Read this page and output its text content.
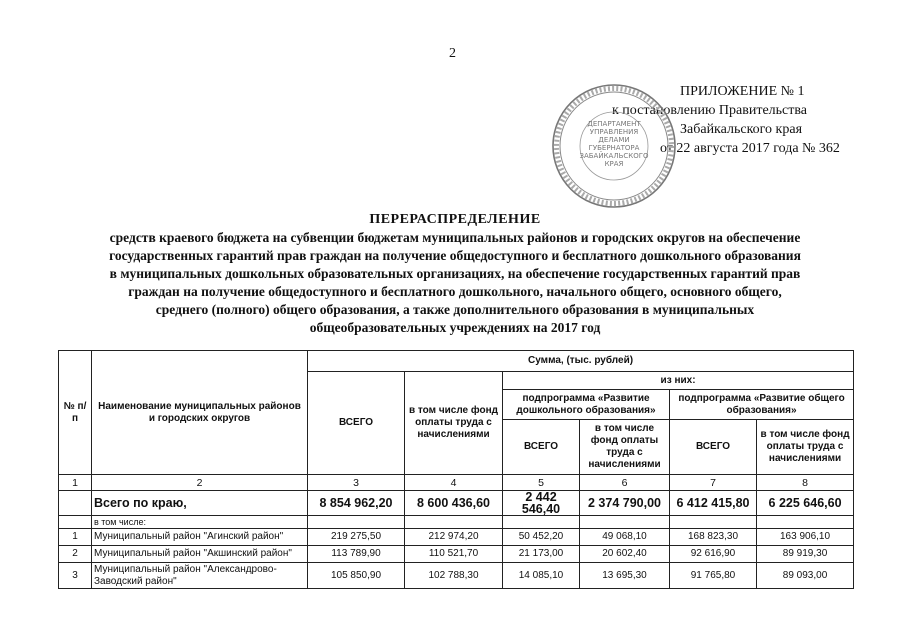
2
ПРИЛОЖЕНИЕ № 1
к постановлению Правительства
Забайкальского края
от 22 августа 2017 года № 362
ДЕПАРТАМЕНТ
УПРАВЛЕНИЯ
ДЕЛАМИ
ГУБЕРНАТОРА
ЗАБАЙКАЛЬСКОГО
КРАЯ
ПЕРЕРАСПРЕДЕЛЕНИЕ
средств краевого бюджета на субвенции бюджетам муниципальных районов и городских округов на обеспечение
государственных гарантий прав граждан на получение общедоступного и бесплатного дошкольного образования
в муниципальных дошкольных образовательных организациях, на обеспечение государственных гарантий прав
граждан на получение общедоступного и бесплатного дошкольного, начального общего, основного общего,
среднего (полного) общего образования, а также дополнительного образования в муниципальных
общеобразовательных учреждениях на 2017 год
№ п/п	Наименование муниципальных районов и городских округов	Сумма, (тыс. рублей)					
		ВСЕГО	в том числе фонд оплаты труда с начислениями	из них:			
				подпрограмма «Развитие дошкольного образования»		подпрограмма «Развитие общего образования»	
				ВСЕГО	в том числе фонд оплаты труда с начислениями	ВСЕГО	в том числе фонд оплаты труда с начислениями
1	2	3	4	5	6	7	8
	Всего по краю,	8 854 962,20	8 600 436,60	2 442 546,40	2 374 790,00	6 412 415,80	6 225 646,60
	в том числе:						
1	Муниципальный район "Агинский район"	219 275,50	212 974,20	50 452,20	49 068,10	168 823,30	163 906,10
2	Муниципальный район "Акшинский район"	113 789,90	110 521,70	21 173,00	20 602,40	92 616,90	89 919,30
3	Муниципальный район "Александрово-Заводский район"	105 850,90	102 788,30	14 085,10	13 695,30	91 765,80	89 093,00
